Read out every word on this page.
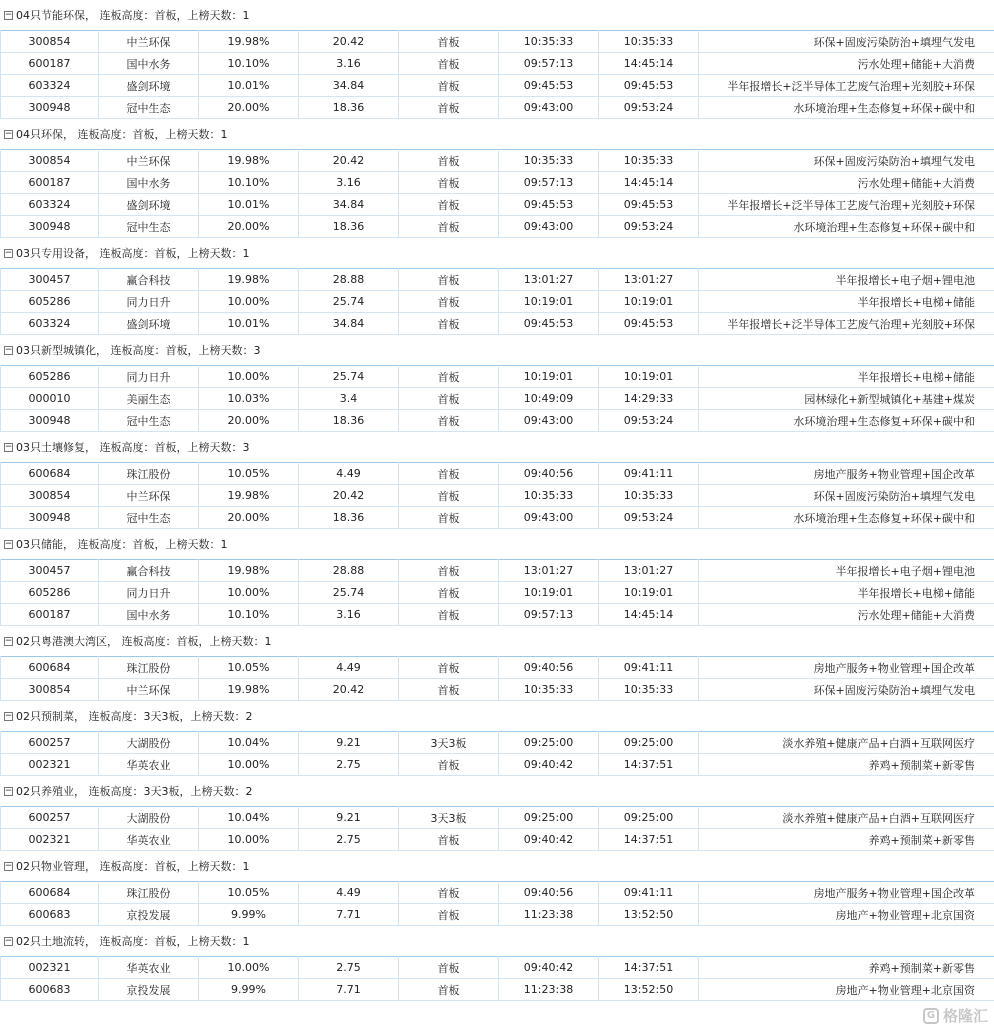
− 04只节能环保， 连板高度：首板，上榜天数：1
300854	中兰环保	19.98%	20.42	首板	10:35:33	10:35:33	环保+固废污染防治+填埋气发电
600187	国中水务	10.10%	3.16	首板	09:57:13	14:45:14	污水处理+储能+大消费
603324	盛剑环境	10.01%	34.84	首板	09:45:53	09:45:53	半年报增长+泛半导体工艺废气治理+光刻胶+环保
300948	冠中生态	20.00%	18.36	首板	09:43:00	09:53:24	水环境治理+生态修复+环保+碳中和
− 04只环保， 连板高度：首板，上榜天数：1
300854	中兰环保	19.98%	20.42	首板	10:35:33	10:35:33	环保+固废污染防治+填埋气发电
600187	国中水务	10.10%	3.16	首板	09:57:13	14:45:14	污水处理+储能+大消费
603324	盛剑环境	10.01%	34.84	首板	09:45:53	09:45:53	半年报增长+泛半导体工艺废气治理+光刻胶+环保
300948	冠中生态	20.00%	18.36	首板	09:43:00	09:53:24	水环境治理+生态修复+环保+碳中和
− 03只专用设备， 连板高度：首板，上榜天数：1
300457	赢合科技	19.98%	28.88	首板	13:01:27	13:01:27	半年报增长+电子烟+锂电池
605286	同力日升	10.00%	25.74	首板	10:19:01	10:19:01	半年报增长+电梯+储能
603324	盛剑环境	10.01%	34.84	首板	09:45:53	09:45:53	半年报增长+泛半导体工艺废气治理+光刻胶+环保
− 03只新型城镇化， 连板高度：首板，上榜天数：3
605286	同力日升	10.00%	25.74	首板	10:19:01	10:19:01	半年报增长+电梯+储能
000010	美丽生态	10.03%	3.4	首板	10:49:09	14:29:33	园林绿化+新型城镇化+基建+煤炭
300948	冠中生态	20.00%	18.36	首板	09:43:00	09:53:24	水环境治理+生态修复+环保+碳中和
− 03只土壤修复， 连板高度：首板，上榜天数：3
600684	珠江股份	10.05%	4.49	首板	09:40:56	09:41:11	房地产服务+物业管理+国企改革
300854	中兰环保	19.98%	20.42	首板	10:35:33	10:35:33	环保+固废污染防治+填埋气发电
300948	冠中生态	20.00%	18.36	首板	09:43:00	09:53:24	水环境治理+生态修复+环保+碳中和
− 03只储能， 连板高度：首板，上榜天数：1
300457	赢合科技	19.98%	28.88	首板	13:01:27	13:01:27	半年报增长+电子烟+锂电池
605286	同力日升	10.00%	25.74	首板	10:19:01	10:19:01	半年报增长+电梯+储能
600187	国中水务	10.10%	3.16	首板	09:57:13	14:45:14	污水处理+储能+大消费
− 02只粤港澳大湾区， 连板高度：首板，上榜天数：1
600684	珠江股份	10.05%	4.49	首板	09:40:56	09:41:11	房地产服务+物业管理+国企改革
300854	中兰环保	19.98%	20.42	首板	10:35:33	10:35:33	环保+固废污染防治+填埋气发电
− 02只预制菜， 连板高度：3天3板，上榜天数：2
600257	大湖股份	10.04%	9.21	3天3板	09:25:00	09:25:00	淡水养殖+健康产品+白酒+互联网医疗
002321	华英农业	10.00%	2.75	首板	09:40:42	14:37:51	养鸡+预制菜+新零售
− 02只养殖业， 连板高度：3天3板，上榜天数：2
600257	大湖股份	10.04%	9.21	3天3板	09:25:00	09:25:00	淡水养殖+健康产品+白酒+互联网医疗
002321	华英农业	10.00%	2.75	首板	09:40:42	14:37:51	养鸡+预制菜+新零售
− 02只物业管理， 连板高度：首板，上榜天数：1
600684	珠江股份	10.05%	4.49	首板	09:40:56	09:41:11	房地产服务+物业管理+国企改革
600683	京投发展	9.99%	7.71	首板	11:23:38	13:52:50	房地产+物业管理+北京国资
− 02只土地流转， 连板高度：首板，上榜天数：1
002321	华英农业	10.00%	2.75	首板	09:40:42	14:37:51	养鸡+预制菜+新零售
600683	京投发展	9.99%	7.71	首板	11:23:38	13:52:50	房地产+物业管理+北京国资
G 格隆汇
